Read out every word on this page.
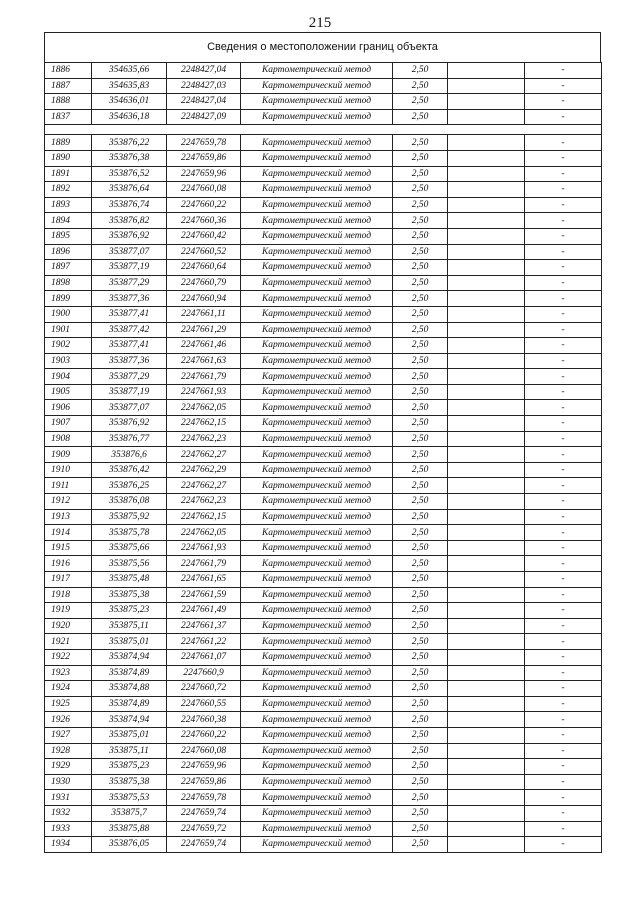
215
Сведения о местоположении границ объекта
1886	354635,66	2248427,04	Картометрический метод	2,50		-
1887	354635,83	2248427,03	Картометрический метод	2,50		-
1888	354636,01	2248427,04	Картометрический метод	2,50		-
1837	354636,18	2248427,09	Картометрический метод	2,50		-

1889	353876,22	2247659,78	Картометрический метод	2,50		-
1890	353876,38	2247659,86	Картометрический метод	2,50		-
1891	353876,52	2247659,96	Картометрический метод	2,50		-
1892	353876,64	2247660,08	Картометрический метод	2,50		-
1893	353876,74	2247660,22	Картометрический метод	2,50		-
1894	353876,82	2247660,36	Картометрический метод	2,50		-
1895	353876,92	2247660,42	Картометрический метод	2,50		-
1896	353877,07	2247660,52	Картометрический метод	2,50		-
1897	353877,19	2247660,64	Картометрический метод	2,50		-
1898	353877,29	2247660,79	Картометрический метод	2,50		-
1899	353877,36	2247660,94	Картометрический метод	2,50		-
1900	353877,41	2247661,11	Картометрический метод	2,50		-
1901	353877,42	2247661,29	Картометрический метод	2,50		-
1902	353877,41	2247661,46	Картометрический метод	2,50		-
1903	353877,36	2247661,63	Картометрический метод	2,50		-
1904	353877,29	2247661,79	Картометрический метод	2,50		-
1905	353877,19	2247661,93	Картометрический метод	2,50		-
1906	353877,07	2247662,05	Картометрический метод	2,50		-
1907	353876,92	2247662,15	Картометрический метод	2,50		-
1908	353876,77	2247662,23	Картометрический метод	2,50		-
1909	353876,6	2247662,27	Картометрический метод	2,50		-
1910	353876,42	2247662,29	Картометрический метод	2,50		-
1911	353876,25	2247662,27	Картометрический метод	2,50		-
1912	353876,08	2247662,23	Картометрический метод	2,50		-
1913	353875,92	2247662,15	Картометрический метод	2,50		-
1914	353875,78	2247662,05	Картометрический метод	2,50		-
1915	353875,66	2247661,93	Картометрический метод	2,50		-
1916	353875,56	2247661,79	Картометрический метод	2,50		-
1917	353875,48	2247661,65	Картометрический метод	2,50		-
1918	353875,38	2247661,59	Картометрический метод	2,50		-
1919	353875,23	2247661,49	Картометрический метод	2,50		-
1920	353875,11	2247661,37	Картометрический метод	2,50		-
1921	353875,01	2247661,22	Картометрический метод	2,50		-
1922	353874,94	2247661,07	Картометрический метод	2,50		-
1923	353874,89	2247660,9	Картометрический метод	2,50		-
1924	353874,88	2247660,72	Картометрический метод	2,50		-
1925	353874,89	2247660,55	Картометрический метод	2,50		-
1926	353874,94	2247660,38	Картометрический метод	2,50		-
1927	353875,01	2247660,22	Картометрический метод	2,50		-
1928	353875,11	2247660,08	Картометрический метод	2,50		-
1929	353875,23	2247659,96	Картометрический метод	2,50		-
1930	353875,38	2247659,86	Картометрический метод	2,50		-
1931	353875,53	2247659,78	Картометрический метод	2,50		-
1932	353875,7	2247659,74	Картометрический метод	2,50		-
1933	353875,88	2247659,72	Картометрический метод	2,50		-
1934	353876,05	2247659,74	Картометрический метод	2,50		-
